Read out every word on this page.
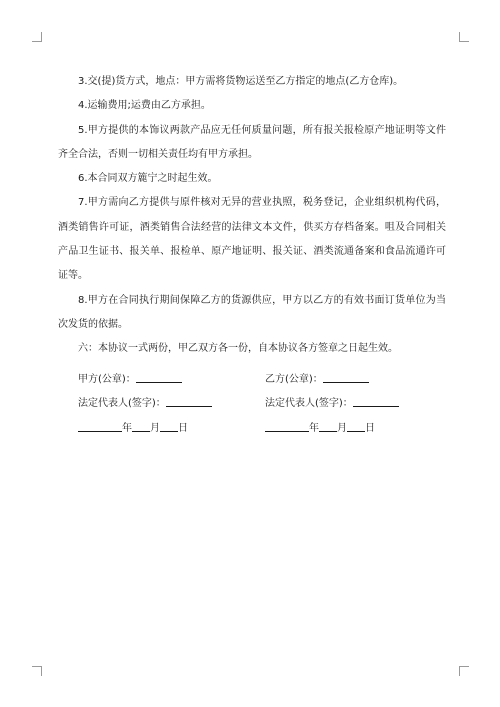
3.交(提)货方式，地点：甲方需将货物运送至乙方指定的地点(乙方仓库)。

4.运输费用;运费由乙方承担。

5.甲方提供的本饰议两款产品应无任何质量问题，所有报关报检原产地证明等文件齐全合法，否则一切相关责任均有甲方承担。

6.本合同双方簏宁之时起生效。

7.甲方需向乙方提供与原件核对无异的营业执照，税务登记，企业组织机构代码，酒类销售许可证，酒类销售合法经营的法律文本文件，供买方存档备案。咀及合同相关产品卫生证书、报关单、报检单、原产地证明、报关证、酒类流通备案和食品流通许可证等。

8.甲方在合同执行期间保障乙方的货源供应，甲方以乙方的有效书面订货单位为当次发货的依据。

六：本协议一式两份，甲乙双方各一份，自本协议各方签章之日起生效。

甲方(公章)：	乙方(公章)：
法定代表人(签字)：	法定代表人(签字)：
年 月 日	年 月 日
